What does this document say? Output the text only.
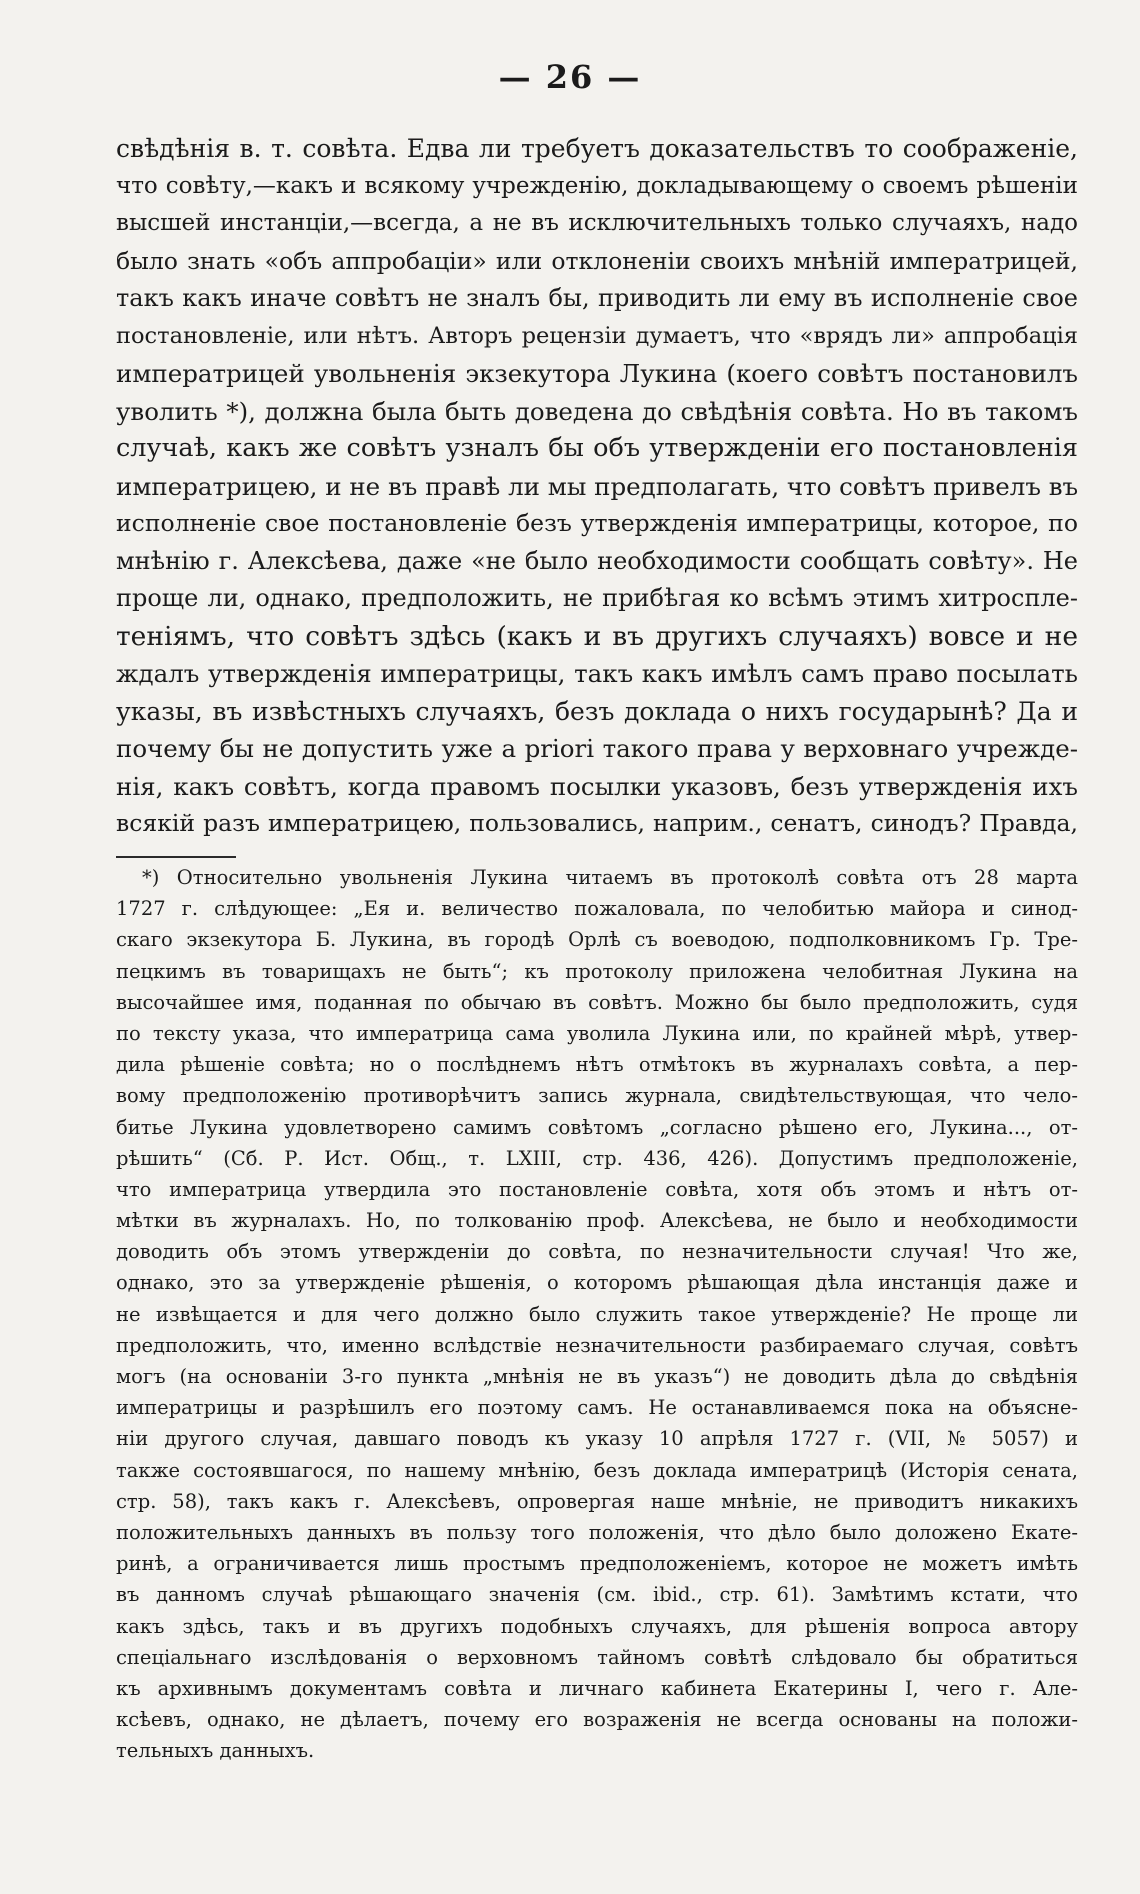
— 26 —
свѣдѣнія в. т. совѣта. Едва ли требуетъ доказательствъ то соображеніе,
что совѣту,—какъ и всякому учрежденію, докладывающему о своемъ рѣшеніи
высшей инстанціи,—всегда, а не въ исключительныхъ только случаяхъ, надо
было знать «объ аппробаціи» или отклоненіи своихъ мнѣній императрицей,
такъ какъ иначе совѣтъ не зналъ бы, приводить ли ему въ исполненіе свое
постановленіе, или нѣтъ. Авторъ рецензіи думаетъ, что «врядъ ли» аппробація
императрицей увольненія экзекутора Лукина (коего совѣтъ постановилъ
уволить *), должна была быть доведена до свѣдѣнія совѣта. Но въ такомъ
случаѣ, какъ же совѣтъ узналъ бы объ утвержденіи его постановленія
императрицею, и не въ правѣ ли мы предполагать, что совѣтъ привелъ въ
исполненіе свое постановленіе безъ утвержденія императрицы, которое, по
мнѣнію г. Алексѣева, даже «не было необходимости сообщать совѣту». Не
проще ли, однако, предположить, не прибѣгая ко всѣмъ этимъ хитросплe-
теніямъ, что совѣтъ здѣсь (какъ и въ другихъ случаяхъ) вовсе и не
ждалъ утвержденія императрицы, такъ какъ имѣлъ самъ право посылать
указы, въ извѣстныхъ случаяхъ, безъ доклада о нихъ государынѣ? Да и
почему бы не допустить уже a priori такого права у верховнаго учрежде-
нія, какъ совѣтъ, когда правомъ посылки указовъ, безъ утвержденія ихъ
всякій разъ императрицею, пользовались, наприм., сенатъ, синодъ? Правда,
*) Относительно увольненія Лукина читаемъ въ протоколѣ совѣта отъ 28 марта
1727 г. слѣдующее: „Ея и. величество пожаловала, по челобитью майора и синод-
скаго экзекутора Б. Лукина, въ городѣ Орлѣ съ воеводою, подполковникомъ Гр. Тре-
пецкимъ въ товарищахъ не быть“; къ протоколу приложена челобитная Лукина на
высочайшее имя, поданная по обычаю въ совѣтъ. Можно бы было предположить, судя
по тексту указа, что императрица сама уволила Лукина или, по крайней мѣрѣ, утвер-
дила рѣшеніе совѣта; но о послѣднемъ нѣтъ отмѣтокъ въ журналахъ совѣта, а пер-
вому предположенію противорѣчитъ запись журнала, свидѣтельствующая, что чело-
битье Лукина удовлетворено самимъ совѣтомъ „согласно рѣшено его, Лукина..., от-
рѣшить“ (Сб. Р. Ист. Общ., т. LXIII, стр. 436, 426). Допустимъ предположеніе,
что императрица утвердила это постановленіе совѣта, хотя объ этомъ и нѣтъ от-
мѣтки въ журналахъ. Но, по толкованію проф. Алексѣева, не было и необходимости
доводить объ этомъ утвержденіи до совѣта, по незначительности случая! Что же,
однако, это за утвержденіе рѣшенія, о которомъ рѣшающая дѣла инстанція даже и
не извѣщается и для чего должно было служить такое утвержденіе? Не проще ли
предположить, что, именно вслѣдствіе незначительности разбираемаго случая, совѣтъ
могъ (на основаніи 3-го пункта „мнѣнія не въ указъ“) не доводить дѣла до свѣдѣнія
императрицы и разрѣшилъ его поэтому самъ. Не останавливаемся пока на объясне-
ніи другого случая, давшаго поводъ къ указу 10 апрѣля 1727 г. (VII, № 5057) и
также состоявшагося, по нашему мнѣнію, безъ доклада императрицѣ (Исторія сената,
стр. 58), такъ какъ г. Алексѣевъ, опровергая наше мнѣніе, не приводитъ никакихъ
положительныхъ данныхъ въ пользу того положенія, что дѣло было доложено Екате-
ринѣ, а ограничивается лишь простымъ предположеніемъ, которое не можетъ имѣть
въ данномъ случаѣ рѣшающаго значенія (см. ibid., стр. 61). Замѣтимъ кстати, что
какъ здѣсь, такъ и въ другихъ подобныхъ случаяхъ, для рѣшенія вопроса автору
спеціальнаго изслѣдованія о верховномъ тайномъ совѣтѣ слѣдовало бы обратиться
къ архивнымъ документамъ совѣта и личнаго кабинета Екатерины I, чего г. Але-
ксѣевъ, однако, не дѣлаетъ, почему его возраженія не всегда основаны на положи-
тельныхъ данныхъ.
